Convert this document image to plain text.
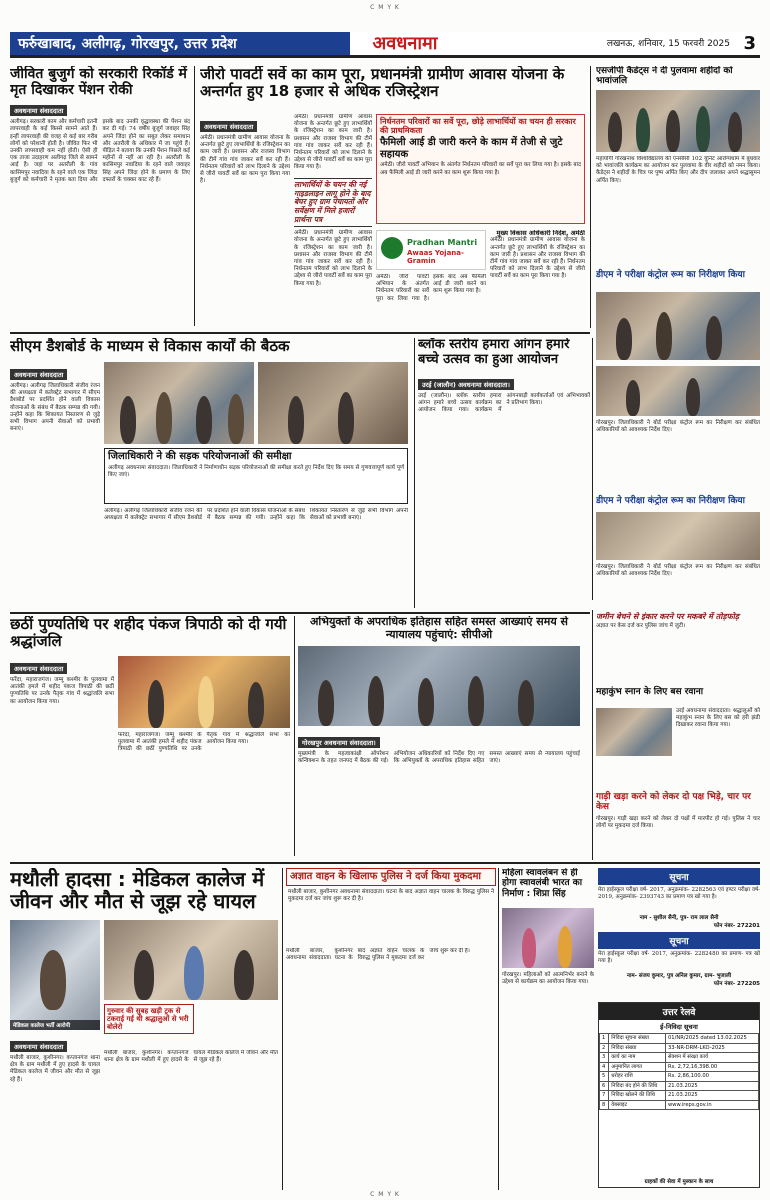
C M Y K
फर्रुखाबाद, अलीगढ़, गोरखपुर, उत्तर प्रदेश	अवधनामा	लखनऊ, शनिवार, 15 फरवरी 2025 3
जीवित बुजुर्ग को सरकारी रिकॉर्ड में मृत दिखाकर पेंशन रोकी
अवधनामा संवाददाता
अलीगढ़। सरकारी काम और कर्मचारी इतनी लापरवाही के कई किस्से सामने आते हैं। इन्हीं लापरवाही की वजह से कई बार गरीब लोगों को परेशानी होती है। जीवित फिर भी उनकी लापरवाही कम नहीं होती। ऐसी ही एक ताजा उदाहरण अलीगढ़ जिले से सामने आई है। जहां पर अतरौली के गांव कासिमपुर नवादिया के रहने वाले एक जिंदा बुजुर्ग को कर्मचारी ने मृतक बता दिया और इसके बाद उनकी वृद्धावस्था की पेंशन बंद कर दी गई। 74 वर्षीय बुजुर्ग जवाहर सिंह अपने जिंदा होने का सबूत लेकर समाधान और अतरौली के अधिकार में जा पहुंचे हैं। पीड़ित ने बताया कि उनकी पेंशन पिछले कई महीनों से नहीं आ रही है। अतरौली के कासिमपुर नवादिया के रहने वाले जवाहर सिंह अपने जिंदा होने के प्रमाण के लिए दफ्तरों के चक्कर काट रहे हैं।
जीरो पावर्टी सर्वे का काम पूरा, प्रधानमंत्री ग्रामीण आवास योजना के अन्तर्गत हुए 18 हजार से अधिक रजिस्ट्रेशन
अवधनामा संवाददाता
अमेठी। प्रधानमंत्री ग्रामीण आवास योजना के अन्तर्गत छूटे हुए लाभार्थियों के रजिस्ट्रेशन का काम जारी है। प्रशासन और राजस्व विभाग की टीमें गांव गांव जाकर सर्वे कर रही हैं। निर्धनतम परिवारों को लाभ दिलाने के उद्देश्य से जीरो पावर्टी सर्वे का काम पूरा किया गया है।
अमेठी। प्रधानमंत्री ग्रामीण आवास योजना के अन्तर्गत छूटे हुए लाभार्थियों के रजिस्ट्रेशन का काम जारी है। प्रशासन और राजस्व विभाग की टीमें गांव गांव जाकर सर्वे कर रही हैं। निर्धनतम परिवारों को लाभ दिलाने के उद्देश्य से जीरो पावर्टी सर्वे का काम पूरा किया गया है।
लाभार्थियों के चयन की नई गाइडलाइन लागू होने के बाद बेघर हुए ग्राम पंचायतों और सर्वेक्षण में मिले हजारों प्रार्थना पत्र
अमेठी। प्रधानमंत्री ग्रामीण आवास योजना के अन्तर्गत छूटे हुए लाभार्थियों के रजिस्ट्रेशन का काम जारी है। प्रशासन और राजस्व विभाग की टीमें गांव गांव जाकर सर्वे कर रही हैं। निर्धनतम परिवारों को लाभ दिलाने के उद्देश्य से जीरो पावर्टी सर्वे का काम पूरा किया गया है।
निर्धनतम परिवारों का सर्वे पूरा, छोड़े लाभार्थियों का चयन ही सरकार की प्राथमिकता
फैमिली आई डी जारी करने के काम में तेजी से जुटे सहायक
अमेठी। जीरो पावर्टी अभियान के अंतर्गत निर्धनतम परिवारों का सर्वे पूरा कर लिया गया है। इसके बाद अब फैमिली आई डी जारी करने का काम शुरू किया गया है।
Pradhan Mantri
Awaas Yojana-Gramin
मुख्य विकास अधिकारी निर्देश, अमेठी
अमेठी। प्रधानमंत्री ग्रामीण आवास योजना के अन्तर्गत छूटे हुए लाभार्थियों के रजिस्ट्रेशन का काम जारी है। प्रशासन और राजस्व विभाग की टीमें गांव गांव जाकर सर्वे कर रही हैं। निर्धनतम परिवारों को लाभ दिलाने के उद्देश्य से जीरो पावर्टी सर्वे का काम पूरा किया गया है।
अमेठी। जीरो पावर्टी अभियान के अंतर्गत निर्धनतम परिवारों का सर्वे पूरा कर लिया गया है। इसके बाद अब फैमिली आई डी जारी करने का काम शुरू किया गया है।
एसजीपी कैडेट्स ने दी पुलवामा शहीदों को भावांजलि
महायोगी गोरखनाथ विश्वविद्यालय की एनसीसी 102 यूनिट आरोग्यधाम में बुधवार को भावांजलि कार्यक्रम का आयोजन कर पुलवामा के वीर शहीदों को नमन किया। कैडेट्स ने शहीदों के चित्र पर पुष्प अर्पित किए और दीप जलाकर अपने श्रद्धासुमन अर्पित किए।
डीएम ने परीक्षा कंट्रोल रूम का निरीक्षण किया
सीएम डैशबोर्ड के माध्यम से विकास कार्यों की बैठक
अवधनामा संवाददाता
अलीगढ़। अलीगढ़ जिलाधिकारी संजीव रंजन की अध्यक्षता में कलेक्ट्रेट सभागार में सीएम डैशबोर्ड पर प्रदर्शित होने वाली विकास योजनाओं के संबंध में बैठक सम्पन्न की गयी। उन्होंने कहा कि शिकायत निस्तारण से जुड़े सभी विभाग अपनी सेवाओं को प्रभावी बनाएं।
जिलाधिकारी ने की सड़क परियोजनाओं की समीक्षा
अलीगढ़ अवधनामा संवाददाता। जिलाधिकारी ने निर्माणाधीन सड़क परियोजनाओं की समीक्षा करते हुए निर्देश दिए कि समय से गुणवत्तापूर्ण कार्य पूर्ण किए जाएं।
अलीगढ़। अलीगढ़ जिलाधिकारी संजीव रंजन की अध्यक्षता में कलेक्ट्रेट सभागार में सीएम डैशबोर्ड पर प्रदर्शित होने वाली विकास योजनाओं के संबंध में बैठक सम्पन्न की गयी। उन्होंने कहा कि शिकायत निस्तारण से जुड़े सभी विभाग अपनी सेवाओं को प्रभावी बनाएं।
ब्लॉक स्तरीय हमारा आंगन हमारे बच्चे उत्सव का हुआ आयोजन
उरई (जालौन) अवधनामा संवाददाता।
उरई (जालौन)। ब्लॉक स्तरीय हमारा आंगन हमारे बच्चे उत्सव कार्यक्रम का आयोजन किया गया। कार्यक्रम में आंगनबाड़ी कार्यकर्ताओं एवं अभिभावकों ने प्रतिभाग किया।
गोरखपुर। जिलाधिकारी ने बोर्ड परीक्षा कंट्रोल रूम का निरीक्षण कर संबंधित अधिकारियों को आवश्यक निर्देश दिए।
डीएम ने परीक्षा कंट्रोल रूम का निरीक्षण किया
गोरखपुर। जिलाधिकारी ने बोर्ड परीक्षा कंट्रोल रूम का निरीक्षण कर संबंधित अधिकारियों को आवश्यक निर्देश दिए।
छठीं पुण्यतिथि पर शहीद पंकज त्रिपाठी को दी गयी श्रद्धांजलि
अवधनामा संवाददाता
फरेंदा, महाराजगंज। जम्मू कश्मीर के पुलवामा में आतंकी हमले में शहीद पंकज त्रिपाठी की छठीं पुण्यतिथि पर उनके पैतृक गांव में श्रद्धांजलि सभा का आयोजन किया गया।
फरेंदा, महाराजगंज। जम्मू कश्मीर के पुलवामा में आतंकी हमले में शहीद पंकज त्रिपाठी की छठीं पुण्यतिथि पर उनके पैतृक गांव में श्रद्धांजलि सभा का आयोजन किया गया।
अभियुक्तों के अपराधिक इतिहास सहित समस्त आख्याएं समय से न्यायालय पहुंचाएं: सीपीओ
गोरखपुर अवधनामा संवाददाता।
मुख्यमंत्री के महत्वाकांक्षी ऑपरेशन कन्विक्शन के तहत जनपद में बैठक की गई। अभियोजन अधिकारियों को निर्देश दिए गए कि अभियुक्तों के अपराधिक इतिहास सहित समस्त आख्याएं समय से न्यायालय पहुंचाई जाएं।
जमीन बेचने से इंकार करने पर मकबरे में तोड़फोड़
अज्ञात पर केस दर्ज कर पुलिस जांच में जुटी।
महाकुंभ स्नान के लिए बस रवाना
उरई अवधनामा संवाददाता। श्रद्धालुओं को महाकुंभ स्नान के लिए बस को हरी झंडी दिखाकर रवाना किया गया।
गाड़ी खड़ा करने को लेकर दो पक्ष भिड़े, चार पर केस
गोरखपुर। गाड़ी खड़ा करने को लेकर दो पक्षों में मारपीट हो गई। पुलिस ने चार लोगों पर मुकदमा दर्ज किया।
मथौली हादसा : मेडिकल कालेज में जीवन और मौत से जूझ रहे घायल
मेडिकल कालेज भर्ती आरोपी
गुरुवार की सुबह खड़ी ट्रक से टकराई गई थी श्रद्धालुओं से भरी बोलेरो
अवधनामा संवाददाता
मथौली बाजार, कुशीनगर। कप्तानगंज थाना क्षेत्र के ग्राम मथौली में हुए हादसे के घायल मेडिकल कालेज में जीवन और मौत से जूझ रहे हैं।
मथौली बाजार, कुशीनगर। कप्तानगंज थाना क्षेत्र के ग्राम मथौली में हुए हादसे के घायल मेडिकल कालेज में जीवन और मौत से जूझ रहे हैं।
अज्ञात वाहन के खिलाफ पुलिस ने दर्ज किया मुकदमा
मथौली बाजार, कुशीनगर अवधनामा संवाददाता। घटना के बाद अज्ञात वाहन चालक के विरुद्ध पुलिस ने मुकदमा दर्ज कर जांच शुरू कर दी है।
मथौली बाजार, कुशीनगर अवधनामा संवाददाता। घटना के बाद अज्ञात वाहन चालक के विरुद्ध पुलिस ने मुकदमा दर्ज कर जांच शुरू कर दी है।
महिला स्वावलंबन से ही होगा स्वावलंबी भारत का निर्माण : शिप्रा सिंह
गोरखपुर। महिलाओं को आत्मनिर्भर बनाने के उद्देश्य से कार्यक्रम का आयोजन किया गया।
सूचना
मेरा हाईस्कूल परीक्षा वर्ष- 2017, अनुक्रमांक- 2282563 एवं इण्टर परीक्षा वर्ष- 2019, अनुक्रमांक- 2393743 का प्रमाण पत्र खो गया है।
नाम - सुशील सैनी, पुत्र- राम लाल सैनी
फोन नंबर- 272201
सूचना
मेरा हाईस्कूल परीक्षा वर्ष- 2017, अनुक्रमांक- 2282480 का प्रमाण- पत्र खो गया है।
नाम- संजय कुमार, पुत्र अनिल कुमार, ग्राम- भुजाली
फोन नंबर- 272205
उत्तर रेलवे
ई-निविदा सूचना
1	निविदा सूचना संख्या	01/NR/2025 dated 13.02.2025
2	निविदा संख्या	33-NR-DRM-LKO-2025
3	कार्य का नाम	सेक्शन में संरक्षा कार्य
4	अनुमानित लागत	Rs. 2,72,16,398.00
5	धरोहर राशि	Rs. 2,86,100.00
6	निविदा बंद होने की तिथि	21.03.2025
7	निविदा खोलने की तिथि	21.03.2025
8	वेबसाइट	www.ireps.gov.in
ग्राहकों की सेवा में मुस्कान के साथ
C M Y K
